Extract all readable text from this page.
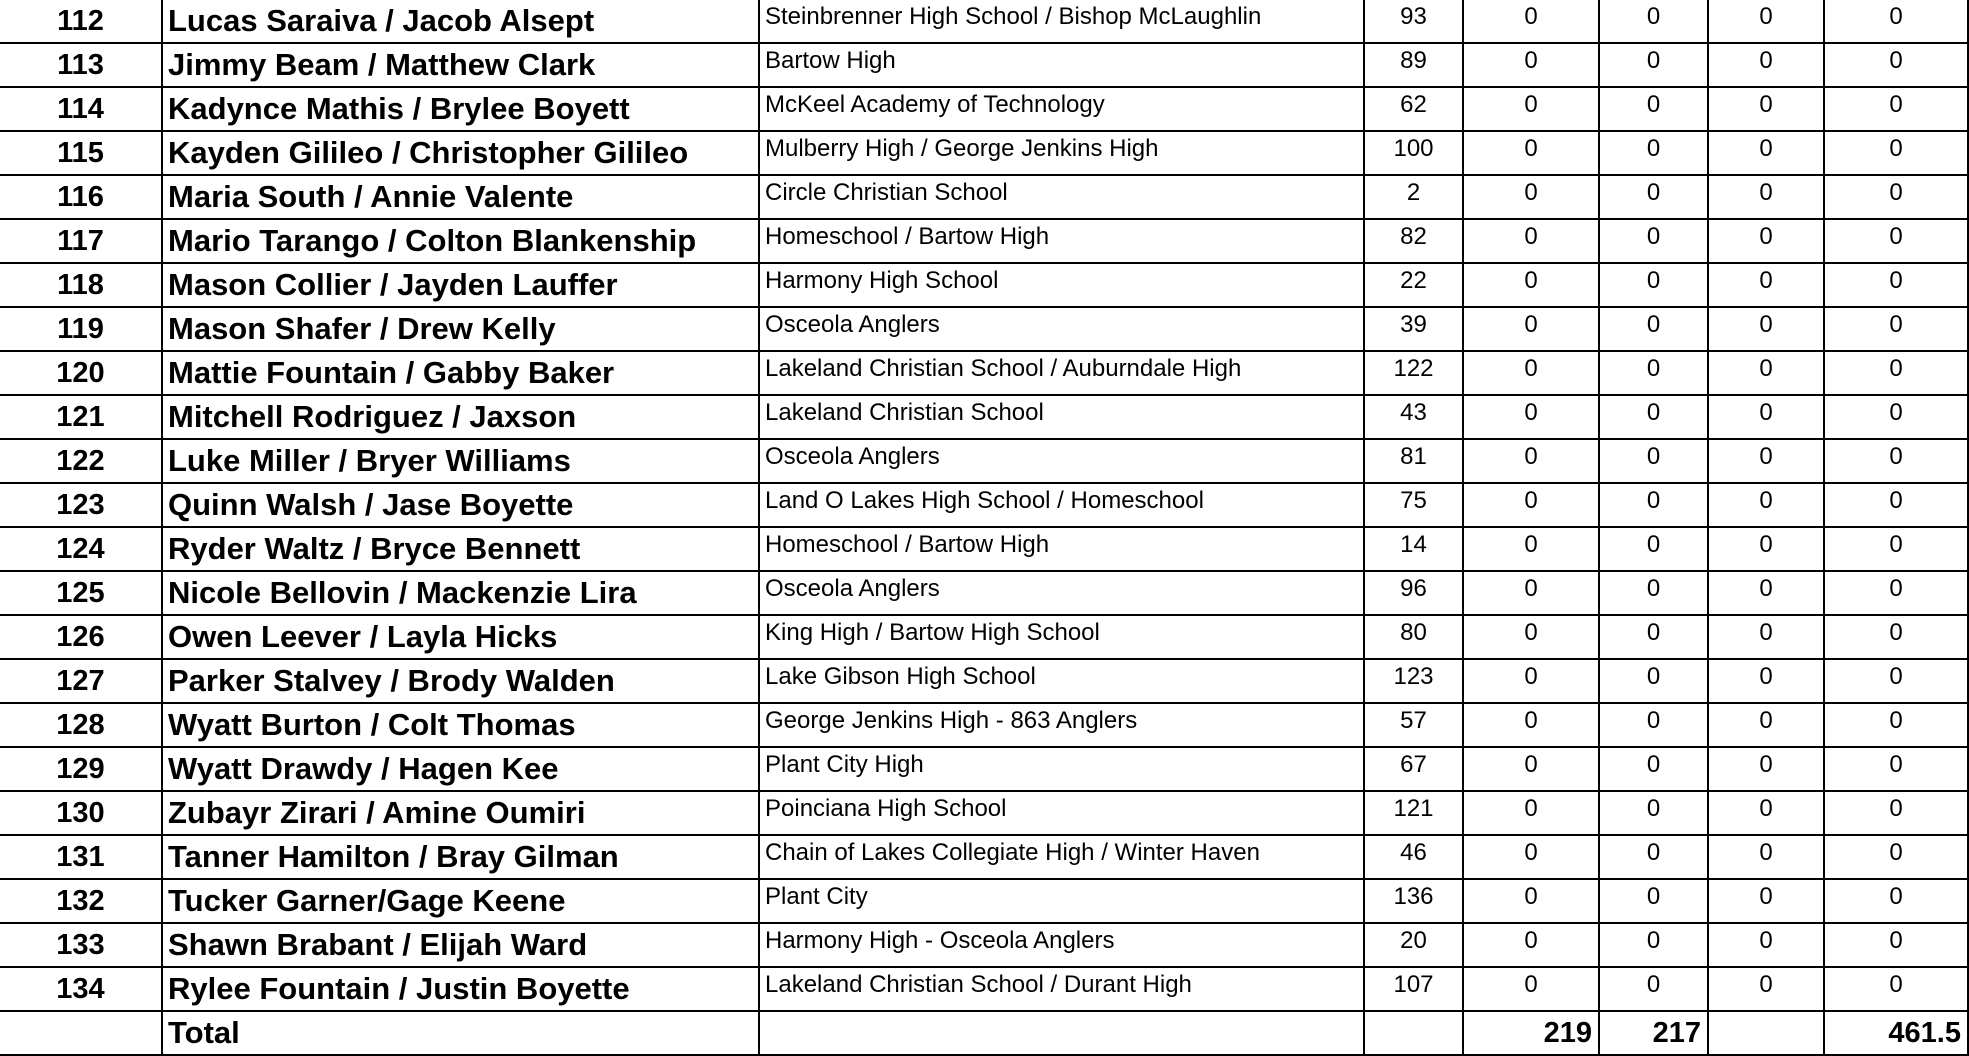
112	Lucas Saraiva / Jacob Alsept	Steinbrenner High School / Bishop McLaughlin	93	0	0	0	0
113	Jimmy Beam / Matthew Clark	Bartow High	89	0	0	0	0
114	Kadynce Mathis / Brylee Boyett	McKeel Academy of Technology	62	0	0	0	0
115	Kayden Gilileo / Christopher Gilileo	Mulberry High / George Jenkins High	100	0	0	0	0
116	Maria South / Annie Valente	Circle Christian School	2	0	0	0	0
117	Mario Tarango / Colton Blankenship	Homeschool / Bartow High	82	0	0	0	0
118	Mason Collier / Jayden Lauffer	Harmony High School	22	0	0	0	0
119	Mason Shafer / Drew Kelly	Osceola Anglers	39	0	0	0	0
120	Mattie Fountain / Gabby Baker	Lakeland Christian School / Auburndale High	122	0	0	0	0
121	Mitchell Rodriguez / Jaxson	Lakeland Christian School	43	0	0	0	0
122	Luke Miller / Bryer Williams	Osceola Anglers	81	0	0	0	0
123	Quinn Walsh / Jase Boyette	Land O Lakes High School / Homeschool	75	0	0	0	0
124	Ryder Waltz / Bryce Bennett	Homeschool / Bartow High	14	0	0	0	0
125	Nicole Bellovin / Mackenzie Lira	Osceola Anglers	96	0	0	0	0
126	Owen Leever / Layla Hicks	King High / Bartow High School	80	0	0	0	0
127	Parker Stalvey / Brody Walden	Lake Gibson High School	123	0	0	0	0
128	Wyatt Burton / Colt Thomas	George Jenkins High - 863 Anglers	57	0	0	0	0
129	Wyatt Drawdy / Hagen Kee	Plant City High	67	0	0	0	0
130	Zubayr Zirari / Amine Oumiri	Poinciana High School	121	0	0	0	0
131	Tanner Hamilton / Bray Gilman	Chain of Lakes Collegiate High / Winter Haven	46	0	0	0	0
132	Tucker Garner/Gage Keene	Plant City	136	0	0	0	0
133	Shawn Brabant / Elijah Ward	Harmony High - Osceola Anglers	20	0	0	0	0
134	Rylee Fountain / Justin Boyette	Lakeland Christian School / Durant High	107	0	0	0	0
	Total			219	217		461.5
